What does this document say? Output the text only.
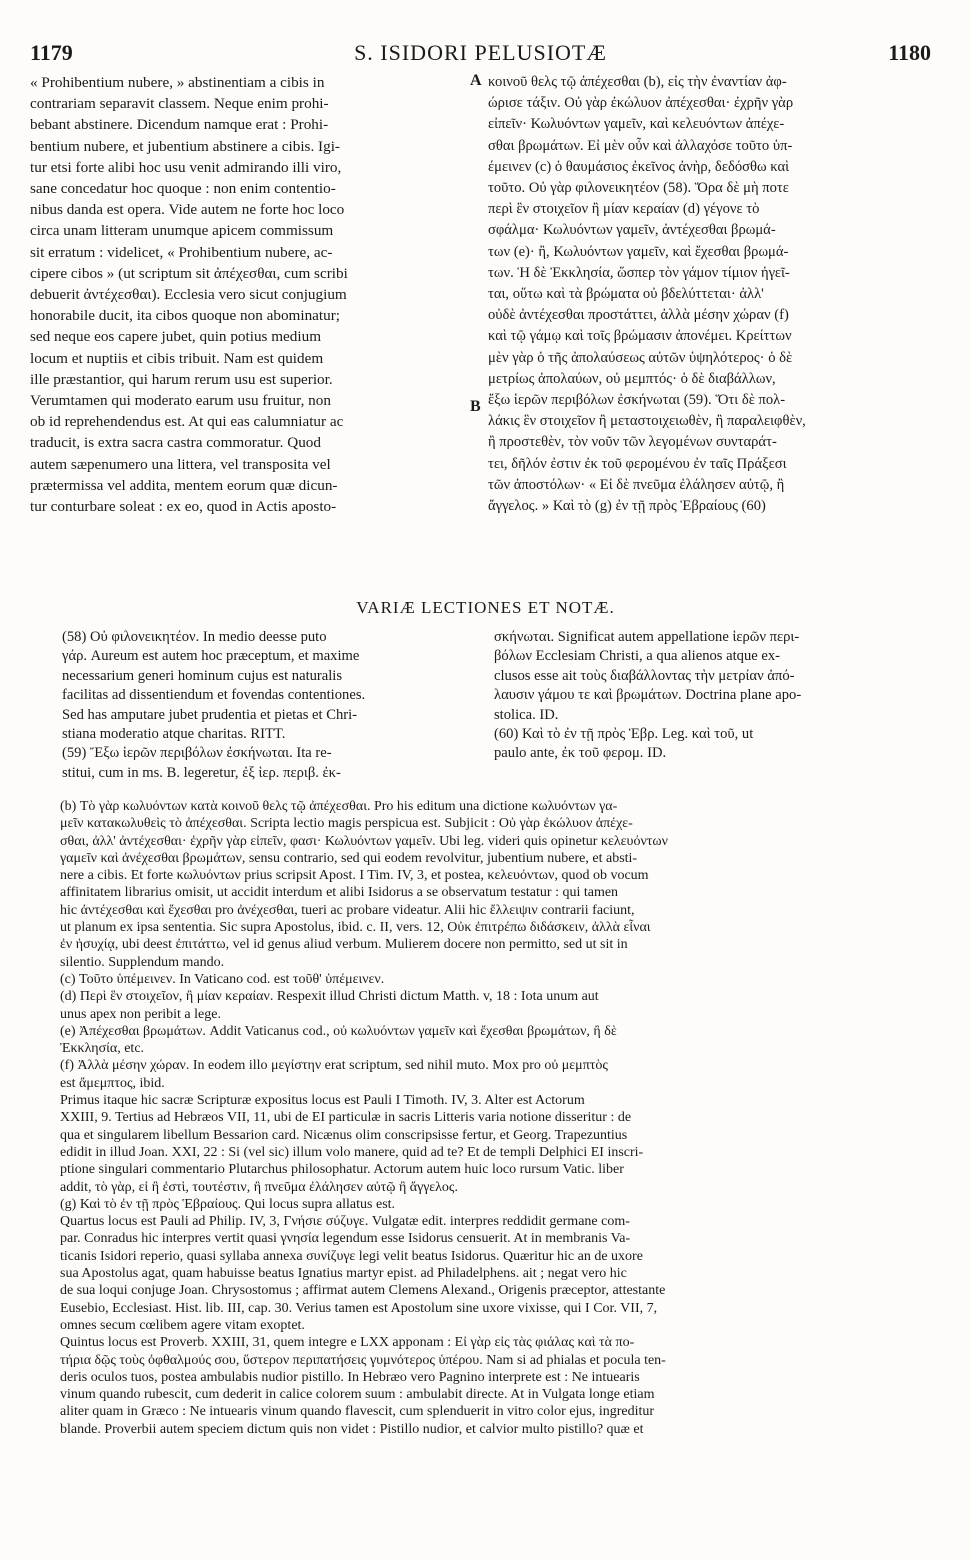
1179	S. ISIDORI PELUSIOTÆ	1180

« Prohibentium nubere, » abstinentiam a cibis in

contrariam separavit classem. Neque enim prohi-

bebant abstinere. Dicendum namque erat : Prohi-

bentium nubere, et jubentium abstinere a cibis. Igi-

tur etsi forte alibi hoc usu venit admirando illi viro,

sane concedatur hoc quoque : non enim contentio-

nibus danda est opera. Vide autem ne forte hoc loco

circa unam litteram unumque apicem commissum

sit erratum : videlicet, « Prohibentium nubere, ac-

cipere cibos » (ut scriptum sit ἀπέχεσθαι, cum scribi

debuerit ἀντέχεσθαι). Ecclesia vero sicut conjugium

honorabile ducit, ita cibos quoque non abominatur;

sed neque eos capere jubet, quin potius medium

locum et nuptiis et cibis tribuit. Nam est quidem

ille præstantior, qui harum rerum usu est superior.

Verumtamen qui moderato earum usu fruitur, non

ob id reprehendendus est. At qui eas calumniatur ac

traducit, is extra sacra castra commoratur. Quod

autem sæpenumero una littera, vel transposita vel

prætermissa vel addita, mentem eorum quæ dicun-

tur conturbare soleat : ex eo, quod in Actis aposto-

A
B

κοινοῦ θελς τῷ ἀπέχεσθαι (b), εἰς τὴν ἐναντίαν ἀφ-

ώρισε τάξιν. Οὐ γὰρ ἐκώλυον ἀπέχεσθαι· ἐχρῆν γὰρ

εἰπεῖν· Κωλυόντων γαμεῖν, καὶ κελευόντων ἀπέχε-

σθαι βρωμάτων. Εἰ μὲν οὖν καὶ ἀλλαχόσε τοῦτο ὑπ-

έμεινεν (c) ὁ θαυμάσιος ἐκεῖνος ἀνὴρ, δεδόσθω καὶ

τοῦτο. Οὐ γὰρ φιλονεικητέον (58). Ὅρα δὲ μὴ ποτε

περὶ ἓν στοιχεῖον ἢ μίαν κεραίαν (d) γέγονε τὸ

σφάλμα· Κωλυόντων γαμεῖν, ἀντέχεσθαι βρωμά-

των (e)· ἢ, Κωλυόντων γαμεῖν, καὶ ἔχεσθαι βρωμά-

των. Ἡ δὲ Ἐκκλησία, ὥσπερ τὸν γάμον τίμιον ἡγεῖ-

ται, οὕτω καὶ τὰ βρώματα οὐ βδελύττεται· ἀλλ'

οὐδὲ ἀντέχεσθαι προστάττει, ἀλλὰ μέσην χώραν (f)

καὶ τῷ γάμῳ καὶ τοῖς βρώμασιν ἀπονέμει. Κρείττων

μὲν γὰρ ὁ τῆς ἀπολαύσεως αὐτῶν ὑψηλότερος· ὁ δὲ

μετρίως ἀπολαύων, οὐ μεμπτός· ὁ δὲ διαβάλλων,

ἔξω ἱερῶν περιβόλων ἐσκήνωται (59). Ὅτι δὲ πολ-

λάκις ἓν στοιχεῖον ἢ μεταστοιχειωθὲν, ἢ παραλειφθὲν,

ἢ προστεθὲν, τὸν νοῦν τῶν λεγομένων συνταράτ-

τει, δῆλόν ἐστιν ἐκ τοῦ φερομένου ἐν ταῖς Πράξεσι

τῶν ἀποστόλων· « Εἰ δὲ πνεῦμα ἐλάλησεν αὐτῷ, ἢ

ἄγγελος. » Καὶ τὸ (g) ἐν τῇ πρὸς Ἑβραίους (60)

VARIÆ LECTIONES ET NOTÆ.

(58) Οὐ φιλονεικητέον. In medio deesse puto

γάρ. Aureum est autem hoc præceptum, et maxime

necessarium generi hominum cujus est naturalis

facilitas ad dissentiendum et fovendas contentiones.

Sed has amputare jubet prudentia et pietas et Chri-

stiana moderatio atque charitas. RITT.

(59) Ἔξω ἱερῶν περιβόλων ἐσκήνωται. Ita re-

stitui, cum in ms. B. legeretur, ἐξ ἱερ. περιβ. ἐκ-

σκήνωται. Significat autem appellatione ἱερῶν περι-

βόλων Ecclesiam Christi, a qua alienos atque ex-

clusos esse ait τοὺς διαβάλλοντας τὴν μετρίαν ἀπό-

λαυσιν γάμου τε καὶ βρωμάτων. Doctrina plane apo-

stolica. ID.

(60) Καὶ τὸ ἐν τῇ πρὸς Ἑβρ. Leg. καὶ τοῦ, ut

paulo ante, ἐκ τοῦ φερομ. ID.

(b) Τὸ γὰρ κωλυόντων κατὰ κοινοῦ θελς τῷ ἀπέχεσθαι. Pro his editum una dictione κωλυόντων γα-

μεῖν κατακωλυθεὶς τὸ ἀπέχεσθαι. Scripta lectio magis perspicua est. Subjicit : Οὐ γὰρ ἐκώλυον ἀπέχε-

σθαι, ἀλλ' ἀντέχεσθαι· ἐχρῆν γὰρ εἰπεῖν, φασι· Κωλυόντων γαμεῖν. Ubi leg. videri quis opinetur κελευόντων

γαμεῖν καὶ ἀνέχεσθαι βρωμάτων, sensu contrario, sed qui eodem revolvitur, jubentium nubere, et absti-

nere a cibis. Et forte κωλυόντων prius scripsit Apost. I Tim. IV, 3, et postea, κελευόντων, quod ob vocum

affinitatem librarius omisit, ut accidit interdum et alibi Isidorus a se observatum testatur : qui tamen

hic ἀντέχεσθαι καὶ ἔχεσθαι pro ἀνέχεσθαι, tueri ac probare videatur. Alii hic ἔλλειψιν contrarii faciunt,

ut planum ex ipsa sententia. Sic supra Apostolus, ibid. c. II, vers. 12, Οὐκ ἐπιτρέπω διδάσκειν, ἀλλὰ εἶναι

ἐν ἡσυχίᾳ, ubi deest ἐπιτάττω, vel id genus aliud verbum. Mulierem docere non permitto, sed ut sit in

silentio. Supplendum mando.

(c) Τοῦτο ὑπέμεινεν. In Vaticano cod. est τοῦθ' ὑπέμεινεν.

(d) Περὶ ἓν στοιχεῖον, ἢ μίαν κεραίαν. Respexit illud Christi dictum Matth. v, 18 : Iota unum aut

unus apex non peribit a lege.

(e) Ἀπέχεσθαι βρωμάτων. Addit Vaticanus cod., οὐ κωλυόντων γαμεῖν καὶ ἔχεσθαι βρωμάτων, ἢ δὲ

Ἐκκλησία, etc.

(f) Ἀλλὰ μέσην χώραν. In eodem illo μεγίστην erat scriptum, sed nihil muto. Mox pro οὐ μεμπτὸς

est ἄμεμπτος, ibid.

Primus itaque hic sacræ Scripturæ expositus locus est Pauli I Timoth. IV, 3. Alter est Actorum

XXIII, 9. Tertius ad Hebræos VII, 11, ubi de EI particulæ in sacris Litteris varia notione disseritur : de

qua et singularem libellum Bessarion card. Nicænus olim conscripsisse fertur, et Georg. Trapezuntius

edidit in illud Joan. XXI, 22 : Si (vel sic) illum volo manere, quid ad te? Et de templi Delphici EI inscri-

ptione singulari commentario Plutarchus philosophatur. Actorum autem huic loco rursum Vatic. liber

addit, τὸ γὰρ, εἰ ἢ ἐστὶ, τουτέστιν, ἢ πνεῦμα ἐλάλησεν αὐτῷ ἢ ἄγγελος.

(g) Καὶ τὸ ἐν τῇ πρὸς Ἑβραίους. Qui locus supra allatus est.

Quartus locus est Pauli ad Philip. IV, 3, Γνήσιε σύζυγε. Vulgatæ edit. interpres reddidit germane com-

par. Conradus hic interpres vertit quasi γνησία legendum esse Isidorus censuerit. At in membranis Va-

ticanis Isidori reperio, quasi syllaba annexa συνίζυγε legi velit beatus Isidorus. Quæritur hic an de uxore

sua Apostolus agat, quam habuisse beatus Ignatius martyr epist. ad Philadelphens. ait ; negat vero hic

de sua loqui conjuge Joan. Chrysostomus ; affirmat autem Clemens Alexand., Origenis præceptor, attestante

Eusebio, Ecclesiast. Hist. lib. III, cap. 30. Verius tamen est Apostolum sine uxore vixisse, qui I Cor. VII, 7,

omnes secum cœlibem agere vitam exoptet.

Quintus locus est Proverb. XXIII, 31, quem integre e LXX apponam : Εἰ γὰρ εἰς τὰς φιάλας καὶ τὰ πο-

τήρια δῷς τοὺς ὀφθαλμούς σου, ὕστερον περιπατήσεις γυμνότερος ὑπέρου. Nam si ad phialas et pocula ten-

deris oculos tuos, postea ambulabis nudior pistillo. In Hebræo vero Pagnino interprete est : Ne intuearis

vinum quando rubescit, cum dederit in calice colorem suum : ambulabit directe. At in Vulgata longe etiam

aliter quam in Græco : Ne intuearis vinum quando flavescit, cum splenduerit in vitro color ejus, ingreditur

blande. Proverbii autem speciem dictum quis non videt : Pistillo nudior, et calvior multo pistillo? quæ et
